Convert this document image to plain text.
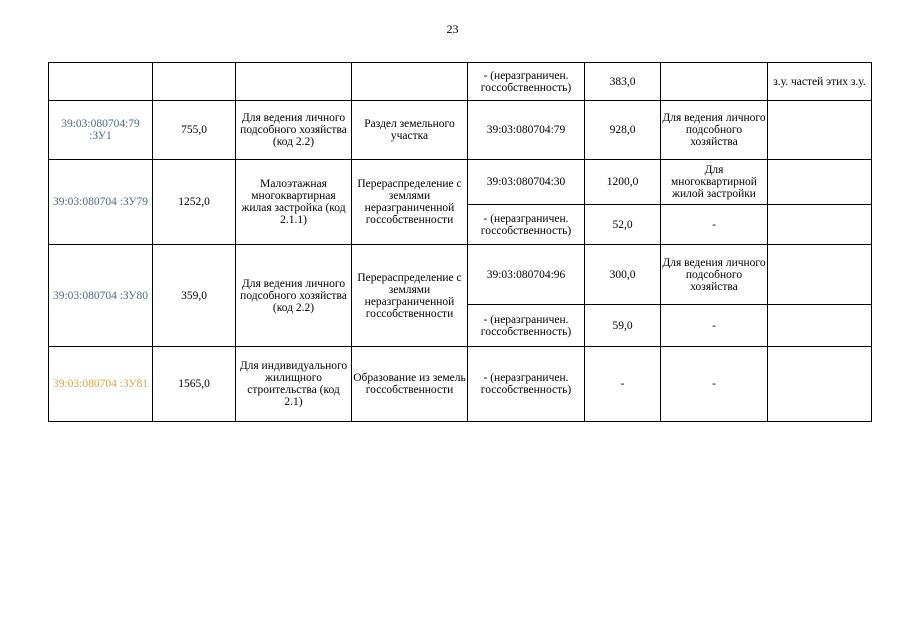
23
				- (неразграничен. госсобственность)	383,0		з.у. частей этих з.у.
39:03:080704:79 :ЗУ1	755,0	Для ведения личного подсобного хозяйства (код 2.2)	Раздел земельного участка	39:03:080704:79	928,0	Для ведения личного подсобного хозяйства	
39:03:080704 :ЗУ79	1252,0	Малоэтажная многоквартирная жилая застройка (код 2.1.1)	Перераспределение с землями неразграниченной госсобственности	39:03:080704:30	1200,0	Для многоквартирной жилой застройки	
				- (неразграничен. госсобственность)	52,0	-	
39:03:080704 :ЗУ80	359,0	Для ведения личного подсобного хозяйства (код 2.2)	Перераспределение с землями неразграниченной госсобственности	39:03:080704:96	300,0	Для ведения личного подсобного хозяйства	
				- (неразграничен. госсобственность)	59,0	-	
39:03:080704 :ЗУ81	1565,0	Для индивидуального жилищного строительства (код 2.1)	Образование из земель госсобственности	- (неразграничен. госсобственность)	-	-	
